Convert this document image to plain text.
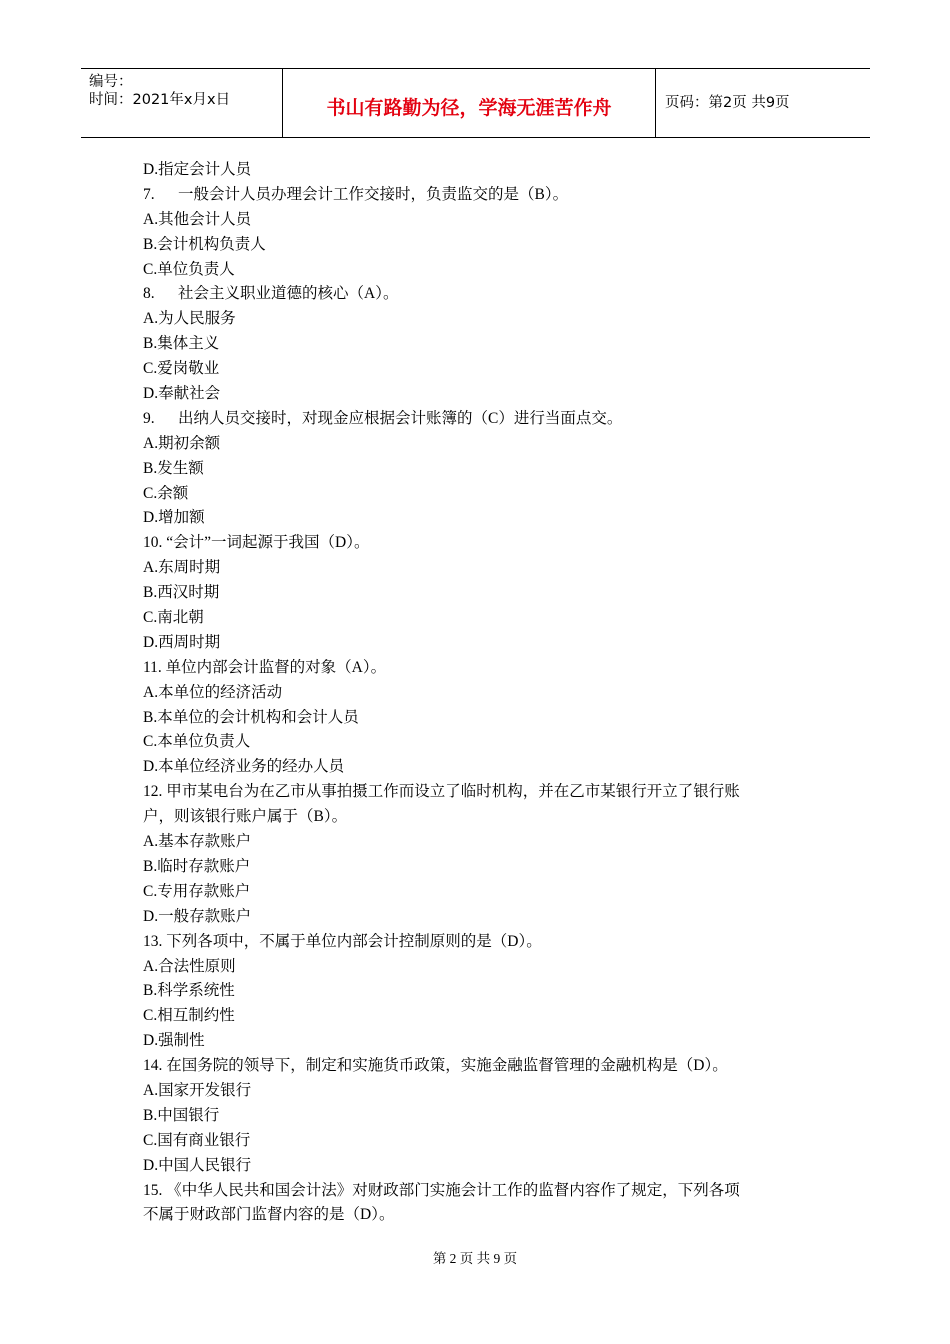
编号：
时间：2021年x月x日	书山有路勤为径，学海无涯苦作舟	页码：第2页 共9页
D.指定会计人员
7. 一般会计人员办理会计工作交接时，负责监交的是（B）。
A.其他会计人员
B.会计机构负责人
C.单位负责人
8. 社会主义职业道德的核心（A）。
A.为人民服务
B.集体主义
C.爱岗敬业
D.奉献社会
9. 出纳人员交接时，对现金应根据会计账簿的（C）进行当面点交。
A.期初余额
B.发生额
C.余额
D.增加额
10. “会计”一词起源于我国（D）。
A.东周时期
B.西汉时期
C.南北朝
D.西周时期
11. 单位内部会计监督的对象（A）。
A.本单位的经济活动
B.本单位的会计机构和会计人员
C.本单位负责人
D.本单位经济业务的经办人员
12. 甲市某电台为在乙市从事拍摄工作而设立了临时机构，并在乙市某银行开立了银行账
户，则该银行账户属于（B）。
A.基本存款账户
B.临时存款账户
C.专用存款账户
D.一般存款账户
13. 下列各项中，不属于单位内部会计控制原则的是（D）。
A.合法性原则
B.科学系统性
C.相互制约性
D.强制性
14. 在国务院的领导下，制定和实施货币政策，实施金融监督管理的金融机构是（D）。
A.国家开发银行
B.中国银行
C.国有商业银行
D.中国人民银行
15. 《中华人民共和国会计法》对财政部门实施会计工作的监督内容作了规定，下列各项
不属于财政部门监督内容的是（D）。
第 2 页 共 9 页
